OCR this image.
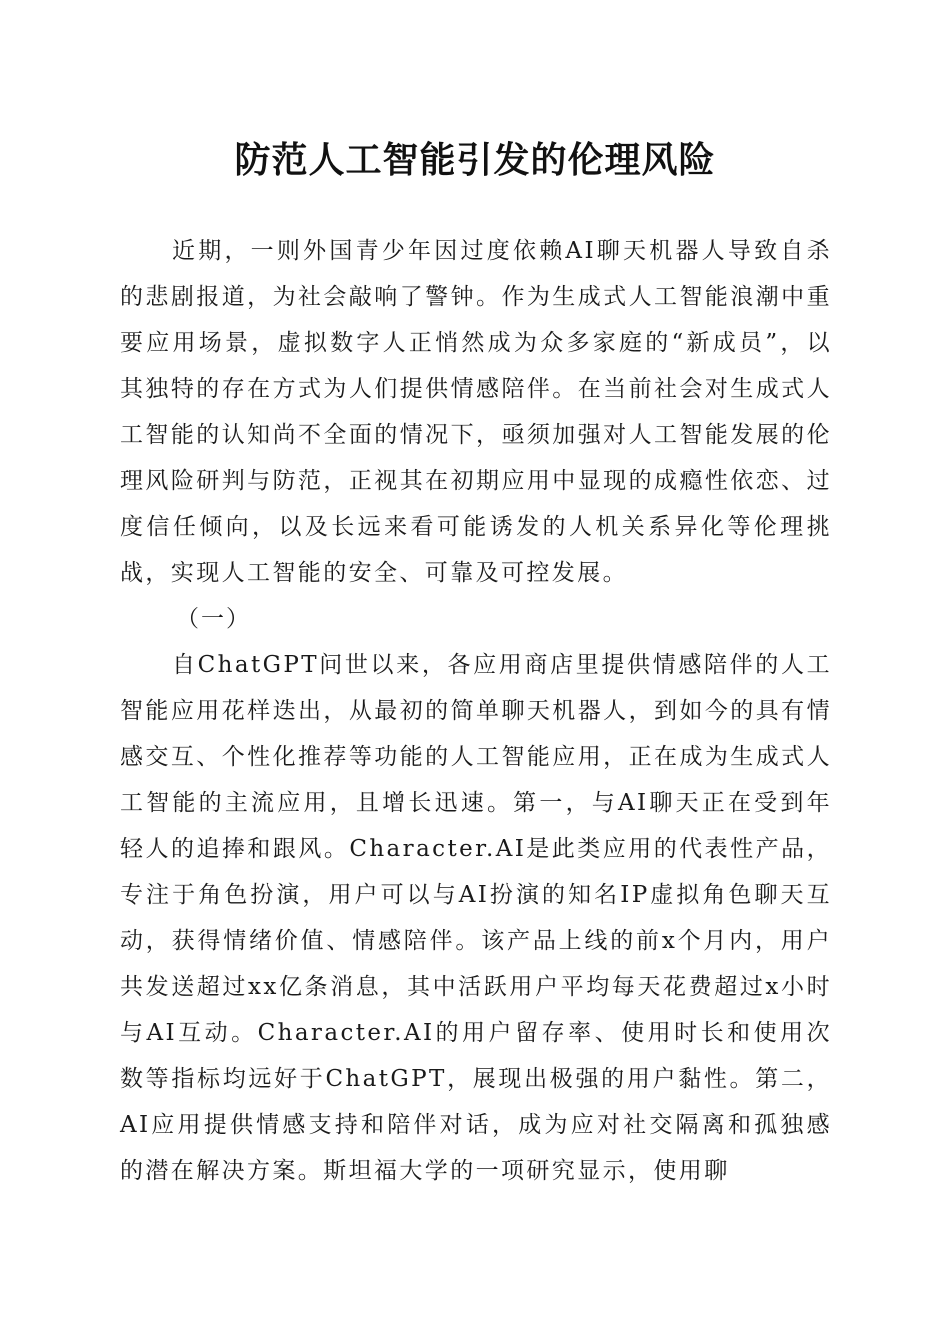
防范人工智能引发的伦理风险

近期，一则外国青少年因过度依赖AI聊天机器人导致自杀的悲剧报道，为社会敲响了警钟。作为生成式人工智能浪潮中重要应用场景，虚拟数字人正悄然成为众多家庭的“新成员”，以其独特的存在方式为人们提供情感陪伴。在当前社会对生成式人工智能的认知尚不全面的情况下，亟须加强对人工智能发展的伦理风险研判与防范，正视其在初期应用中显现的成瘾性依恋、过度信任倾向，以及长远来看可能诱发的人机关系异化等伦理挑战，实现人工智能的安全、可靠及可控发展。

（一）

自ChatGPT问世以来，各应用商店里提供情感陪伴的人工智能应用花样迭出，从最初的简单聊天机器人，到如今的具有情感交互、个性化推荐等功能的人工智能应用，正在成为生成式人工智能的主流应用，且增长迅速。第一，与AI聊天正在受到年轻人的追捧和跟风。Character.AI是此类应用的代表性产品，专注于角色扮演，用户可以与AI扮演的知名IP虚拟角色聊天互动，获得情绪价值、情感陪伴。该产品上线的前x个月内，用户共发送超过xx亿条消息，其中活跃用户平均每天花费超过x小时与AI互动。Character.AI的用户留存率、使用时长和使用次数等指标均远好于ChatGPT，展现出极强的用户黏性。第二，AI应用提供情感支持和陪伴对话，成为应对社交隔离和孤独感的潜在解决方案。斯坦福大学的一项研究显示，使用聊
